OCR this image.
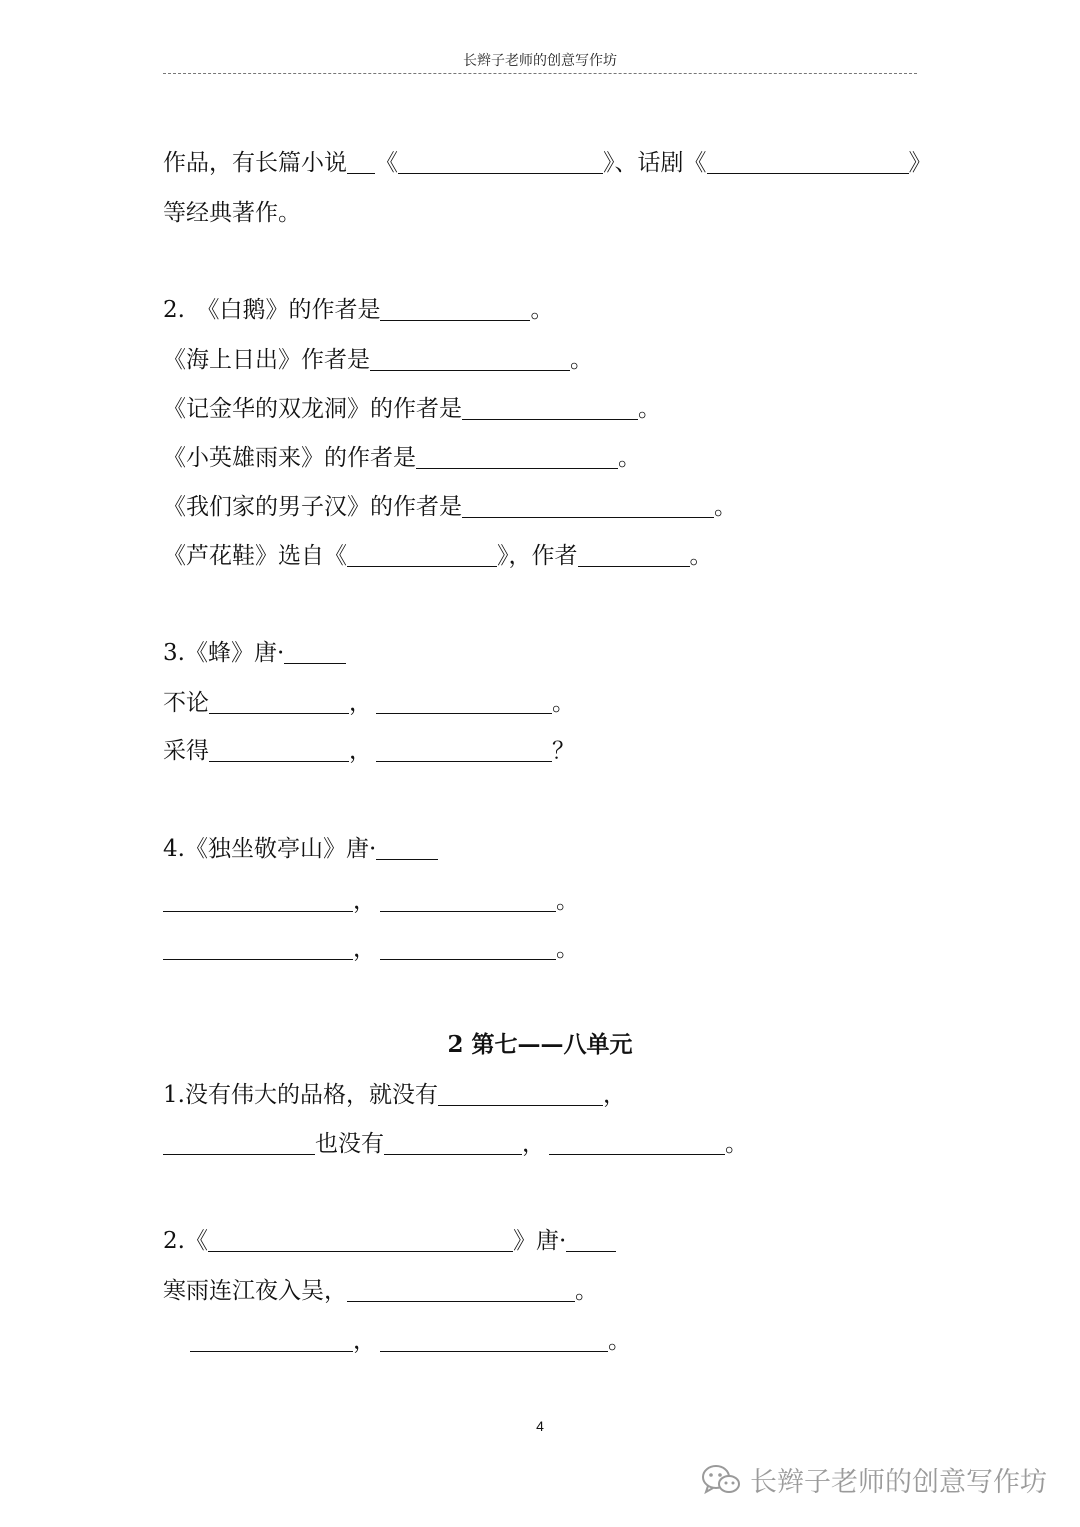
长辫子老师的创意写作坊
作品，有长篇小说 《	》、话剧《	》
等经典著作。
2.　《白鹅》的作者是	。
《海上日出》作者是	。
《记金华的双龙洞》的作者是	。
《小英雄雨来》的作者是	。
《我们家的男子汉》的作者是	。
《芦花鞋》选自《	》，作者	。
3.《蜂》唐·
不论	，	。
采得	，	？
4.《独坐敬亭山》唐·
，	。
，	。
2 第七——八单元
1.没有伟大的品格，就没有	，
也没有	，	。
2.《	》唐·
寒雨连江夜入吴，	。
，	。
4
长辫子老师的创意写作坊
